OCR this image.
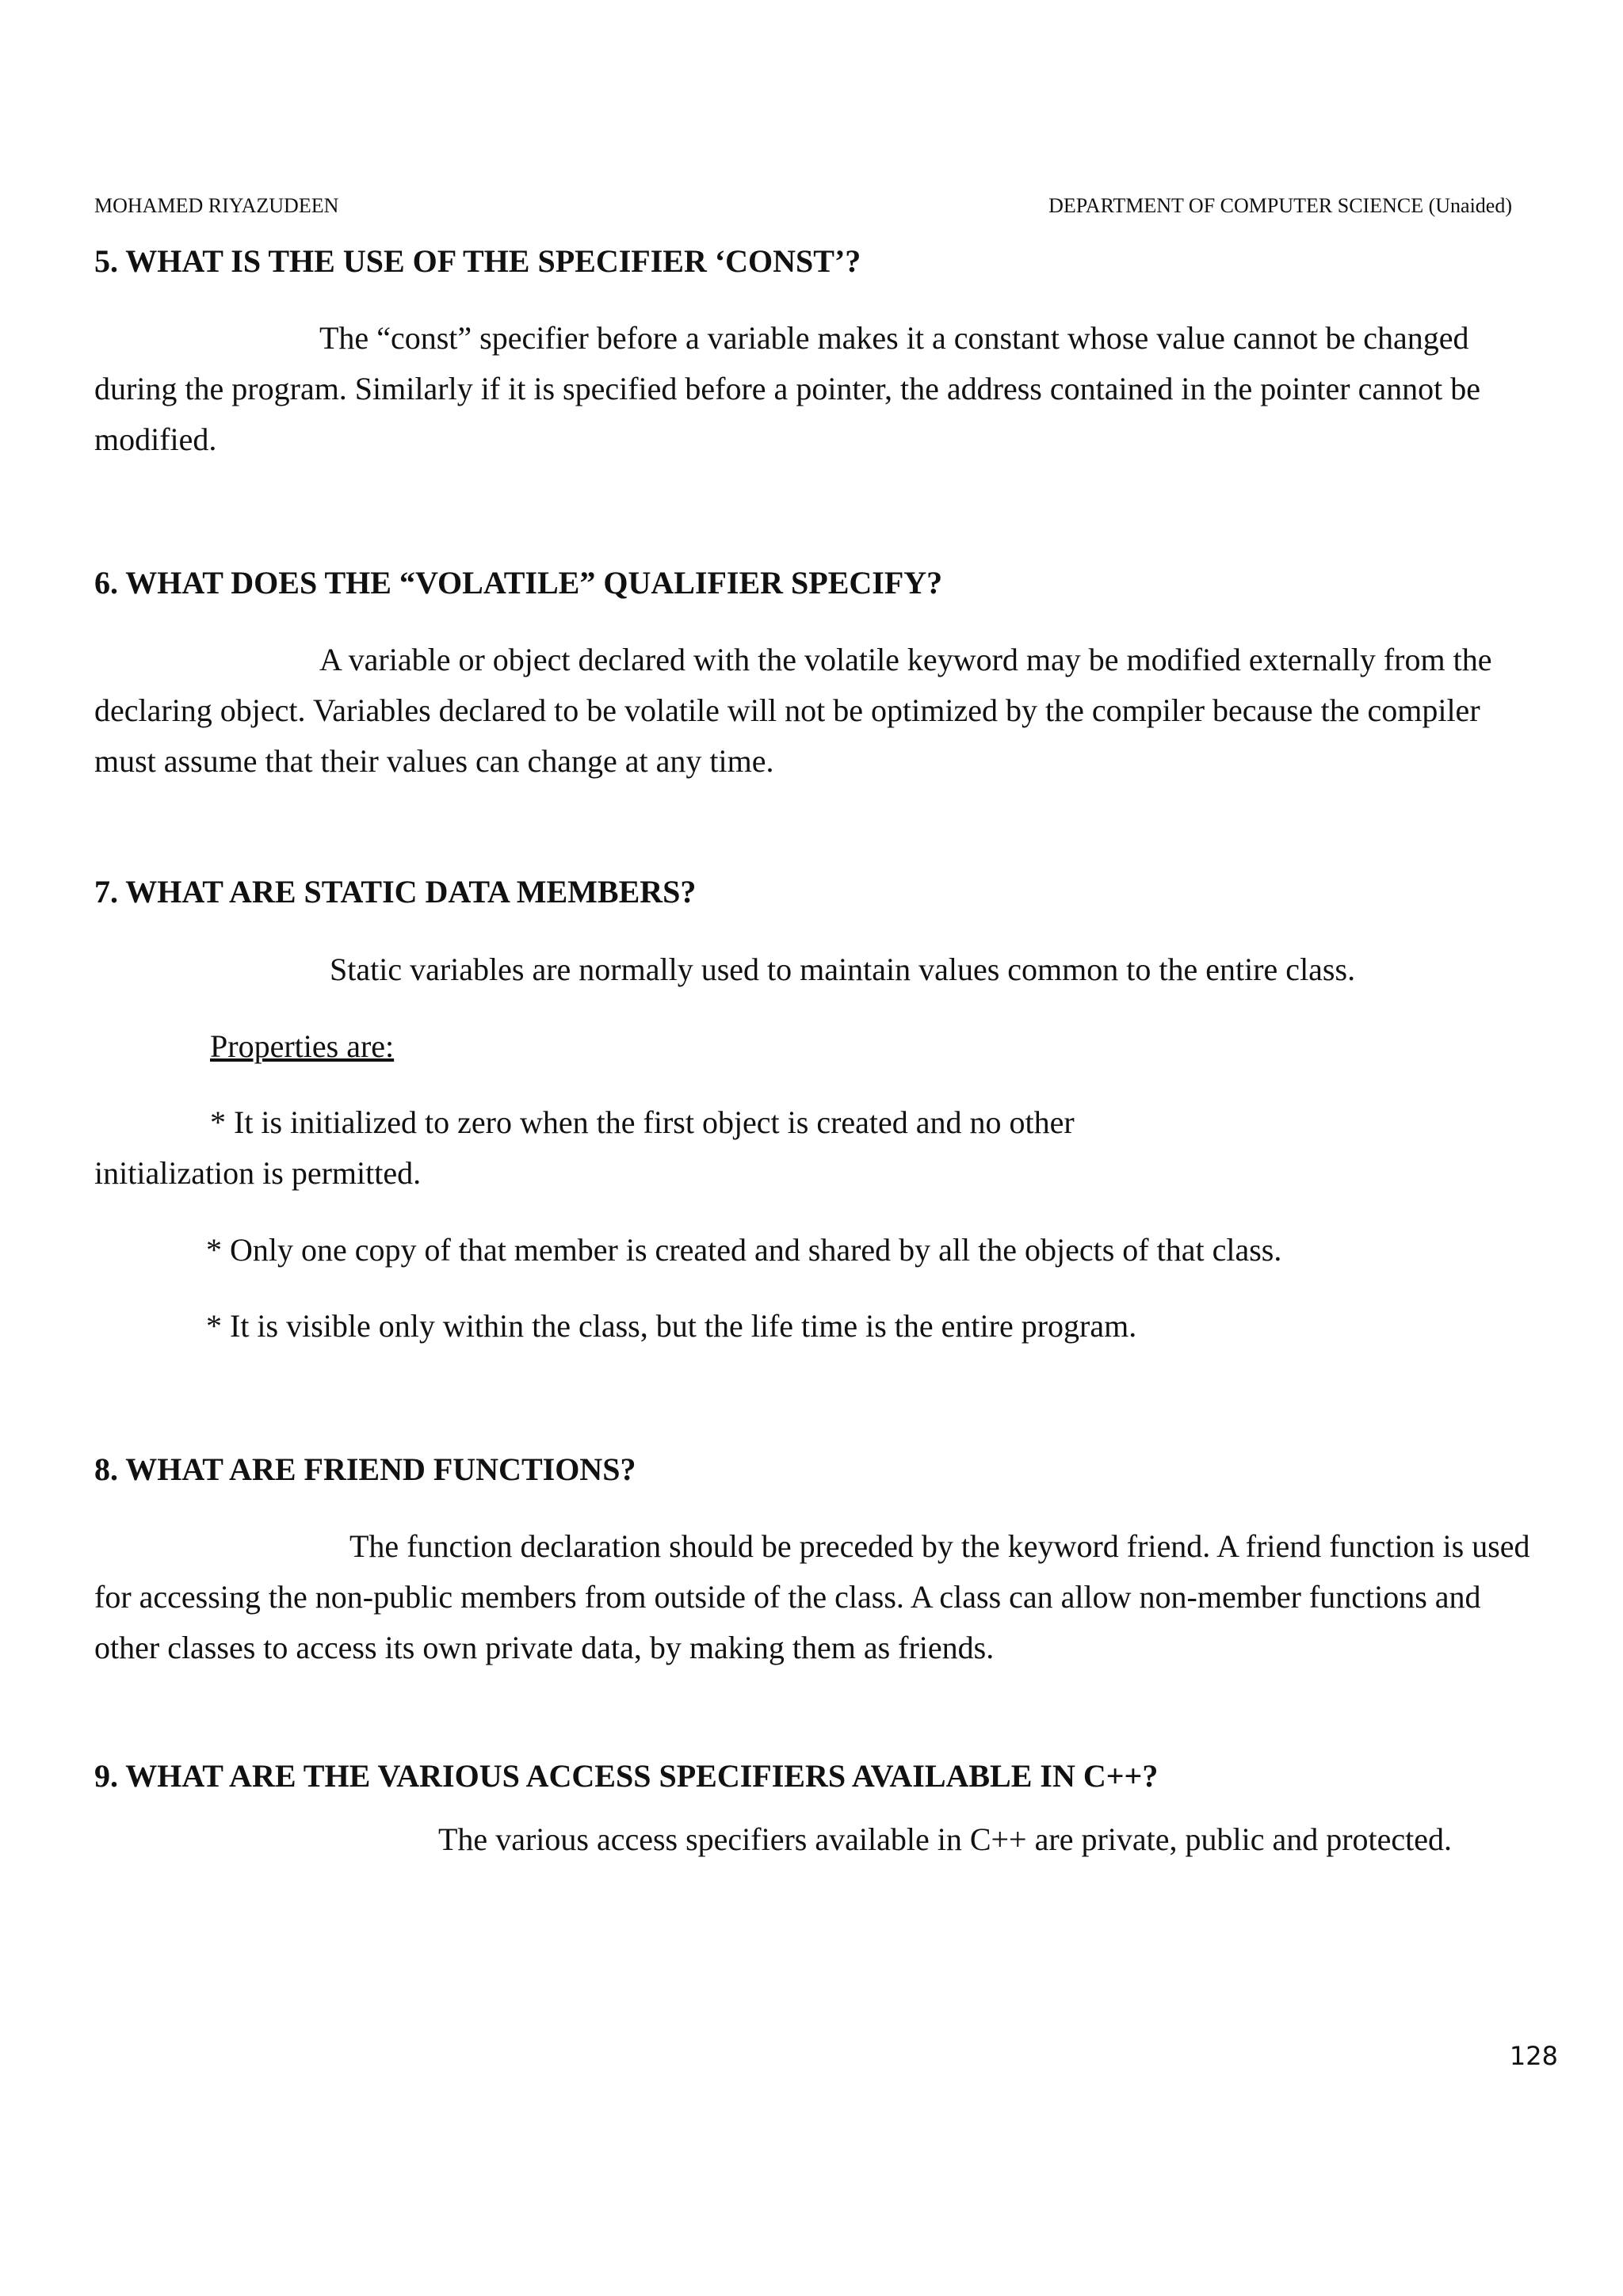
MOHAMED RIYAZUDEEN	DEPARTMENT OF COMPUTER SCIENCE (Unaided)
5. WHAT IS THE USE OF THE SPECIFIER ‘CONST’?
The “const” specifier before a variable makes it a constant whose value cannot be changed
during the program. Similarly if it is specified before a pointer, the address contained in the pointer cannot be
modified.
6. WHAT DOES THE “VOLATILE” QUALIFIER SPECIFY?
A variable or object declared with the volatile keyword may be modified externally from the
declaring object. Variables declared to be volatile will not be optimized by the compiler because the compiler
must assume that their values can change at any time.
7. WHAT ARE STATIC DATA MEMBERS?
Static variables are normally used to maintain values common to the entire class.
Properties are:
* It is initialized to zero when the first object is created and no other
initialization is permitted.
* Only one copy of that member is created and shared by all the objects of that class.
* It is visible only within the class, but the life time is the entire program.
8. WHAT ARE FRIEND FUNCTIONS?
The function declaration should be preceded by the keyword friend. A friend function is used
for accessing the non-public members from outside of the class. A class can allow non-member functions and
other classes to access its own private data, by making them as friends.
9. WHAT ARE THE VARIOUS ACCESS SPECIFIERS AVAILABLE IN C++?
The various access specifiers available in C++ are private, public and protected.
128
